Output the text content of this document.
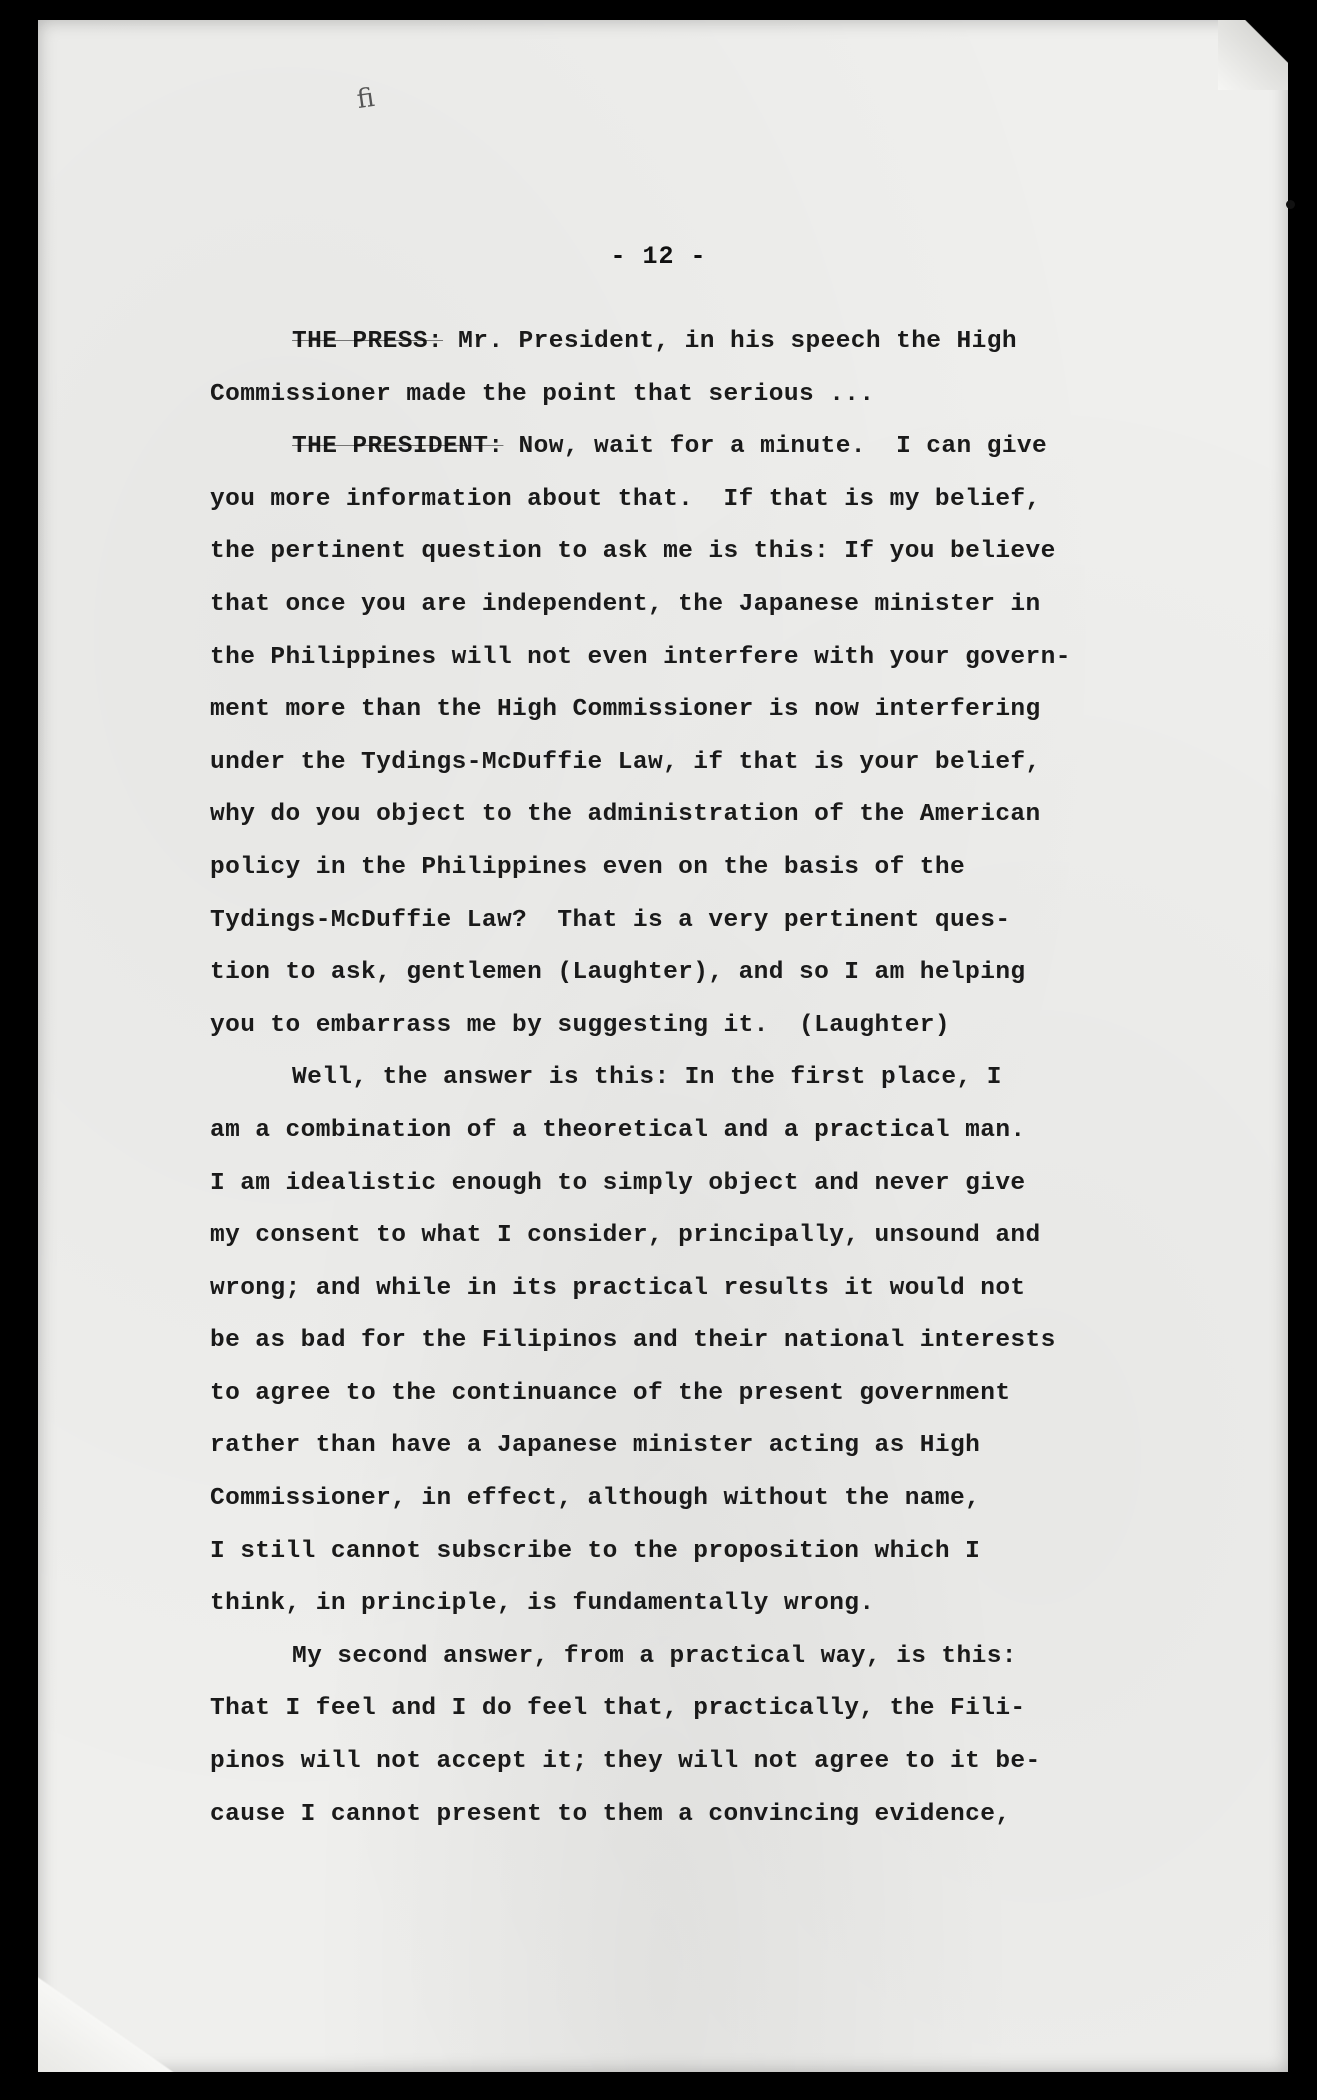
fi
- 12 -
THE PRESS: Mr. President, in his speech the High
Commissioner made the point that serious ...
THE PRESIDENT: Now, wait for a minute.  I can give
you more information about that.  If that is my belief,
the pertinent question to ask me is this: If you believe
that once you are independent, the Japanese minister in
the Philippines will not even interfere with your govern-
ment more than the High Commissioner is now interfering
under the Tydings-McDuffie Law, if that is your belief,
why do you object to the administration of the American
policy in the Philippines even on the basis of the
Tydings-McDuffie Law?  That is a very pertinent ques-
tion to ask, gentlemen (Laughter), and so I am helping
you to embarrass me by suggesting it.  (Laughter)
Well, the answer is this: In the first place, I
am a combination of a theoretical and a practical man.
I am idealistic enough to simply object and never give
my consent to what I consider, principally, unsound and
wrong; and while in its practical results it would not
be as bad for the Filipinos and their national interests
to agree to the continuance of the present government
rather than have a Japanese minister acting as High
Commissioner, in effect, although without the name,
I still cannot subscribe to the proposition which I
think, in principle, is fundamentally wrong.
My second answer, from a practical way, is this:
That I feel and I do feel that, practically, the Fili-
pinos will not accept it; they will not agree to it be-
cause I cannot present to them a convincing evidence,
